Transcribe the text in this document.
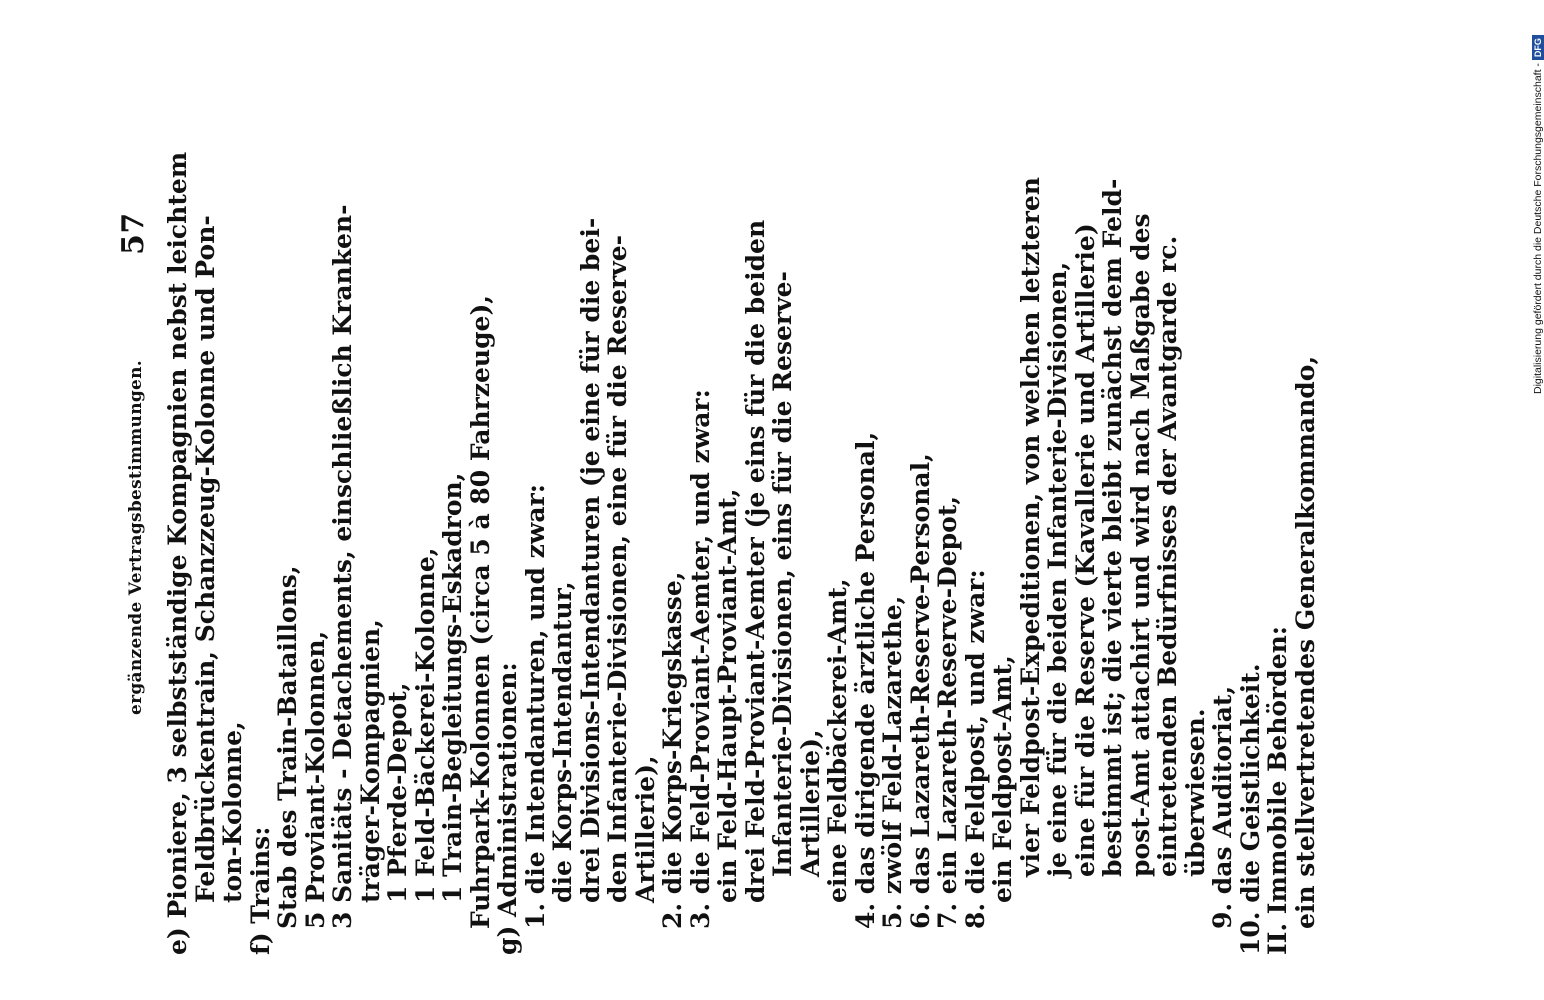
ergänzende Vertragsbestimmungen.
57 e) Pioniere, 3 selbstständige Kompagnien nebst leichtem
Feldbrückentrain, Schanzzeug-Kolonne und Pon-
ton-Kolonne,
f) Trains:
Stab des Train-Bataillons,
5 Proviant-Kolonnen,
3 Sanitäts - Detachements, einschließlich Kranken-
träger-Kompagnien,
1 Pferde-Depot,
1 Feld-Bäckerei-Kolonne,
1 Train-Begleitungs-Eskadron,
Fuhrpark-Kolonnen (circa 5 à 80 Fahrzeuge),
g) Administrationen:
1. die Intendanturen, und zwar:
die Korps-Intendantur,
drei Divisions-Intendanturen (je eine für die bei-
den Infanterie-Divisionen, eine für die Reserve-
Artillerie),
2. die Korps-Kriegskasse,
3. die Feld-Proviant-Aemter, und zwar:
ein Feld-Haupt-Proviant-Amt,
drei Feld-Proviant-Aemter (je eins für die beiden
Infanterie-Divisionen, eins für die Reserve-
Artillerie),
eine Feldbäckerei-Amt,
4. das dirigende ärztliche Personal,
5. zwölf Feld-Lazarethe,
6. das Lazareth-Reserve-Personal,
7. ein Lazareth-Reserve-Depot,
8. die Feldpost, und zwar:
ein Feldpost-Amt,
vier Feldpost-Expeditionen, von welchen letzteren
je eine für die beiden Infanterie-Divisionen,
eine für die Reserve (Kavallerie und Artillerie)
bestimmt ist; die vierte bleibt zunächst dem Feld-
post-Amt attachirt und wird nach Maßgabe des
eintretenden Bedürfnisses der Avantgarde rc.
überwiesen.
9. das Auditoriat,
10. die Geistlichkeit.
II. Immobile Behörden:
ein stellvertretendes Generalkommando,
Digitalisierung gefördert durch die Deutsche Forschungsgemeinschaft -
DFG
